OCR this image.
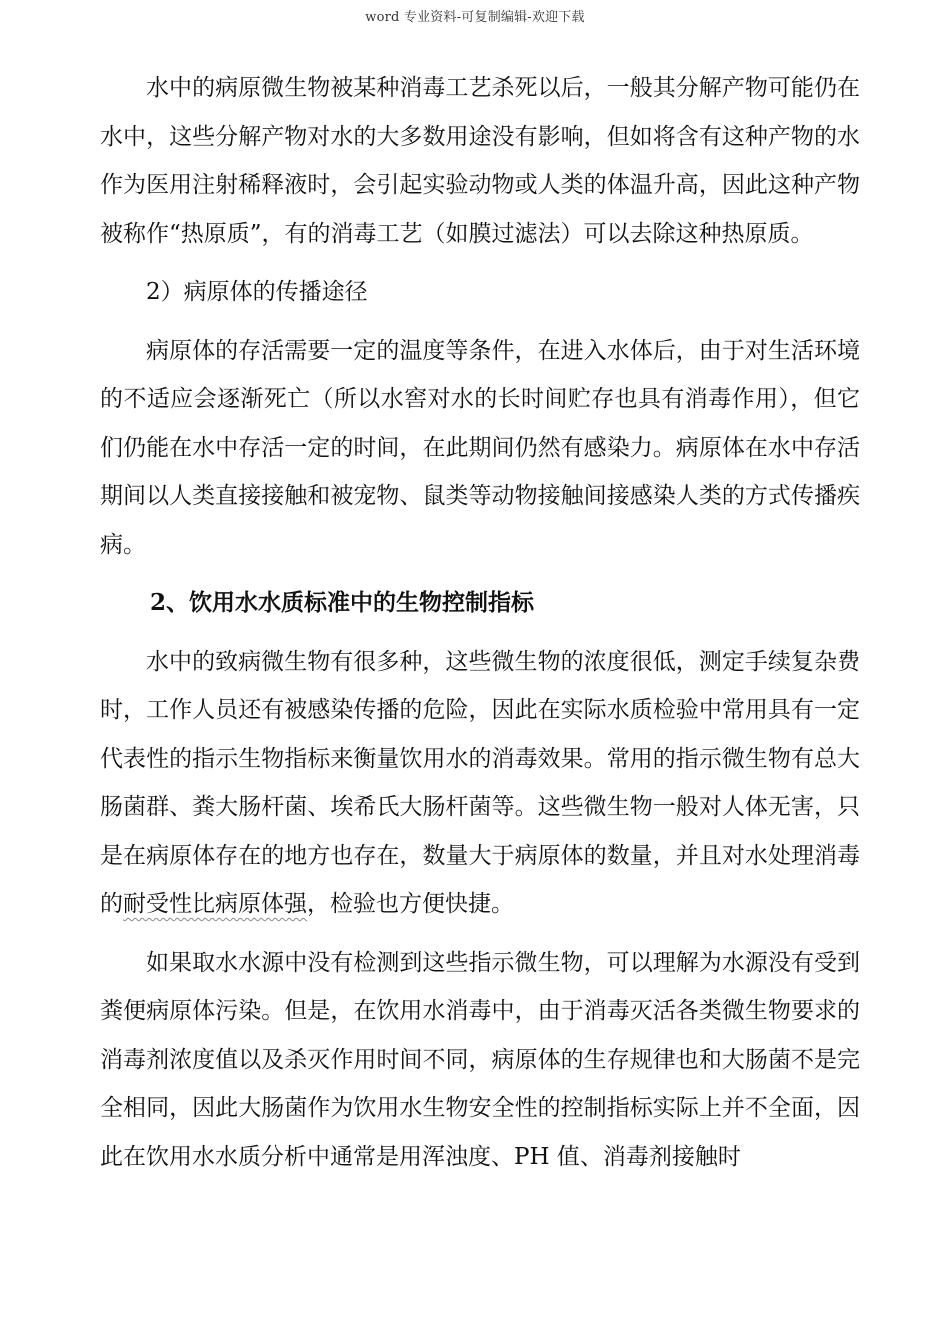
word 专业资料-可复制编辑-欢迎下载

水中的病原微生物被某种消毒工艺杀死以后，一般其分解产物可能仍在水中，这些分解产物对水的大多数用途没有影响，但如将含有这种产物的水作为医用注射稀释液时，会引起实验动物或人类的体温升高，因此这种产物被称作“热原质”，有的消毒工艺（如膜过滤法）可以去除这种热原质。

2）病原体的传播途径

病原体的存活需要一定的温度等条件，在进入水体后，由于对生活环境的不适应会逐渐死亡（所以水窖对水的长时间贮存也具有消毒作用），但它们仍能在水中存活一定的时间，在此期间仍然有感染力。病原体在水中存活期间以人类直接接触和被宠物、鼠类等动物接触间接感染人类的方式传播疾病。

2、饮用水水质标准中的生物控制指标

水中的致病微生物有很多种，这些微生物的浓度很低，测定手续复杂费时，工作人员还有被感染传播的危险，因此在实际水质检验中常用具有一定代表性的指示生物指标来衡量饮用水的消毒效果。常用的指示微生物有总大肠菌群、粪大肠杆菌、埃希氏大肠杆菌等。这些微生物一般对人体无害，只是在病原体存在的地方也存在，数量大于病原体的数量，并且对水处理消毒的耐受性比病原体强，检验也方便快捷。

如果取水水源中没有检测到这些指示微生物，可以理解为水源没有受到粪便病原体污染。但是，在饮用水消毒中，由于消毒灭活各类微生物要求的消毒剂浓度值以及杀灭作用时间不同，病原体的生存规律也和大肠菌不是完全相同，因此大肠菌作为饮用水生物安全性的控制指标实际上并不全面，因此在饮用水水质分析中通常是用浑浊度、PH 值、消毒剂接触时
